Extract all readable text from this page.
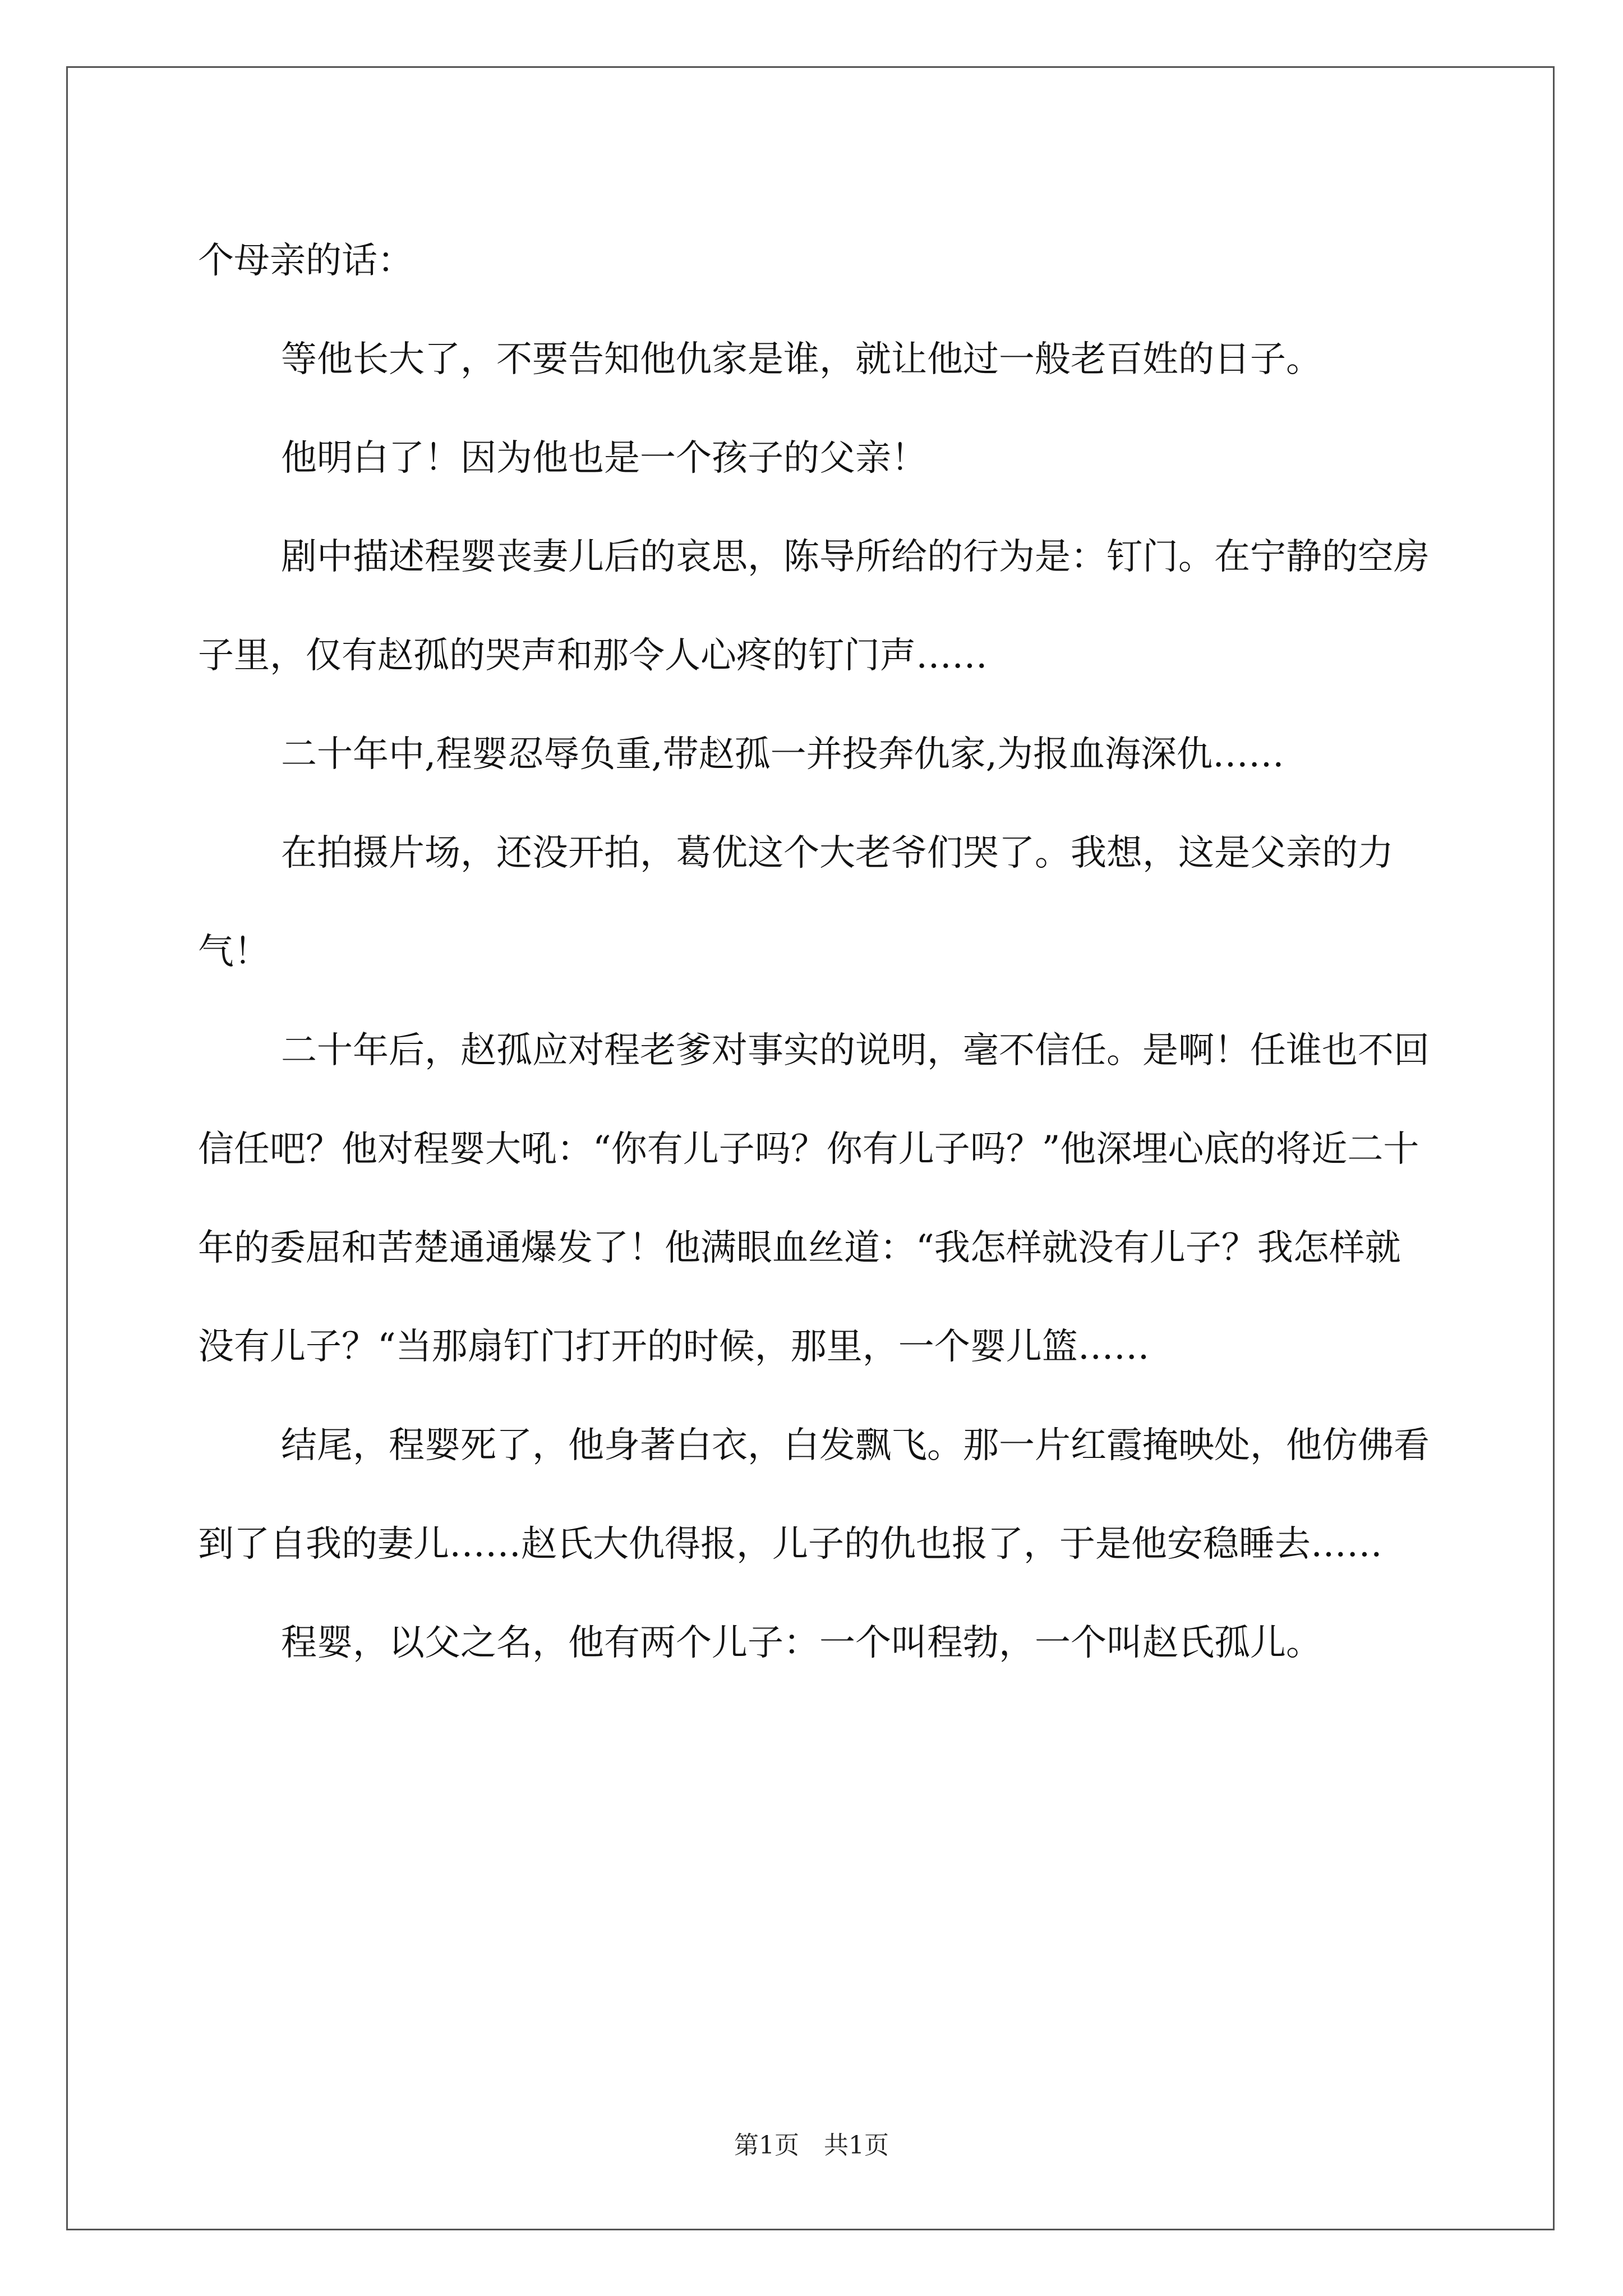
个母亲的话：

等他长大了，不要告知他仇家是谁，就让他过一般老百姓的日子。

他明白了！因为他也是一个孩子的父亲！

剧中描述程婴丧妻儿后的哀思，陈导所给的行为是：钉门。在宁静的空房子里，仅有赵孤的哭声和那令人心疼的钉门声……

二十年中,程婴忍辱负重,带赵孤一并投奔仇家,为报血海深仇……

在拍摄片场，还没开拍，葛优这个大老爷们哭了。我想，这是父亲的力气！

二十年后，赵孤应对程老爹对事实的说明，毫不信任。是啊！任谁也不回信任吧？他对程婴大吼：“你有儿子吗？你有儿子吗？”他深埋心底的将近二十年的委屈和苦楚通通爆发了！他满眼血丝道：“我怎样就没有儿子？我怎样就没有儿子？“当那扇钉门打开的时候，那里，一个婴儿篮……

结尾，程婴死了，他身著白衣，白发飘飞。那一片红霞掩映处，他仿佛看到了自我的妻儿……赵氏大仇得报，儿子的仇也报了，于是他安稳睡去……

程婴，以父之名，他有两个儿子：一个叫程勃，一个叫赵氏孤儿。

第1页　共1页
